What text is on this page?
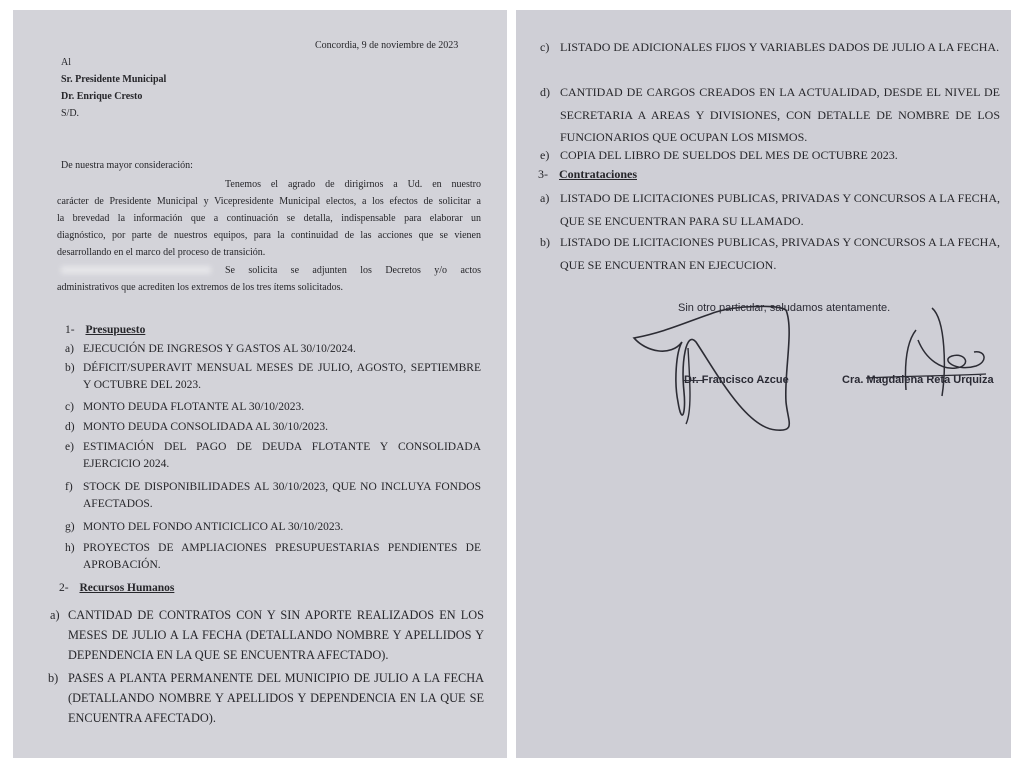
Concordia, 9 de noviembre de 2023
Al
Sr. Presidente Municipal
Dr. Enrique Cresto
S/D.
De nuestra mayor consideración:
Tenemos el agrado de dirigirnos a Ud. en nuestro
carácter de Presidente Municipal y Vicepresidente Municipal electos, a los efectos de solicitar a
la brevedad la información que a continuación se detalla, indispensable para elaborar un
diagnóstico, por parte de nuestros equipos, para la continuidad de las acciones que se vienen
desarrollando en el marco del proceso de transición.
Se solicita se adjunten los Decretos y/o actos
administrativos que acrediten los extremos de los tres ítems solicitados.
1- Presupuesto
a) EJECUCIÓN DE INGRESOS Y GASTOS AL 30/10/2024.
b) DÉFICIT/SUPERAVIT MENSUAL MESES DE JULIO, AGOSTO, SEPTIEMBRE Y OCTUBRE DEL 2023.
c) MONTO DEUDA FLOTANTE AL 30/10/2023.
d) MONTO DEUDA CONSOLIDADA AL 30/10/2023.
e) ESTIMACIÓN DEL PAGO DE DEUDA FLOTANTE Y CONSOLIDADA EJERCICIO 2024.
f) STOCK DE DISPONIBILIDADES AL 30/10/2023, QUE NO INCLUYA FONDOS AFECTADOS.
g) MONTO DEL FONDO ANTICICLICO AL 30/10/2023.
h) PROYECTOS DE AMPLIACIONES PRESUPUESTARIAS PENDIENTES DE APROBACIÓN.
2- Recursos Humanos
a) CANTIDAD DE CONTRATOS CON Y SIN APORTE REALIZADOS EN LOS MESES DE JULIO A LA FECHA (DETALLANDO NOMBRE Y APELLIDOS Y DEPENDENCIA EN LA QUE SE ENCUENTRA AFECTADO).
b) PASES A PLANTA PERMANENTE DEL MUNICIPIO DE JULIO A LA FECHA (DETALLANDO NOMBRE Y APELLIDOS Y DEPENDENCIA EN LA QUE SE ENCUENTRA AFECTADO).
c) LISTADO DE ADICIONALES FIJOS Y VARIABLES DADOS DE JULIO A LA FECHA.
d) CANTIDAD DE CARGOS CREADOS EN LA ACTUALIDAD, DESDE EL NIVEL DE SECRETARIA A AREAS Y DIVISIONES, CON DETALLE DE NOMBRE DE LOS FUNCIONARIOS QUE OCUPAN LOS MISMOS.
e) COPIA DEL LIBRO DE SUELDOS DEL MES DE OCTUBRE 2023.
3- Contrataciones
a) LISTADO DE LICITACIONES PUBLICAS, PRIVADAS Y CONCURSOS A LA FECHA, QUE SE ENCUENTRAN PARA SU LLAMADO.
b) LISTADO DE LICITACIONES PUBLICAS, PRIVADAS Y CONCURSOS A LA FECHA, QUE SE ENCUENTRAN EN EJECUCION.
Sin otro particular, saludamos atentamente.
Dr. Francisco Azcue	Cra. Magdalena Reta Urquiza
